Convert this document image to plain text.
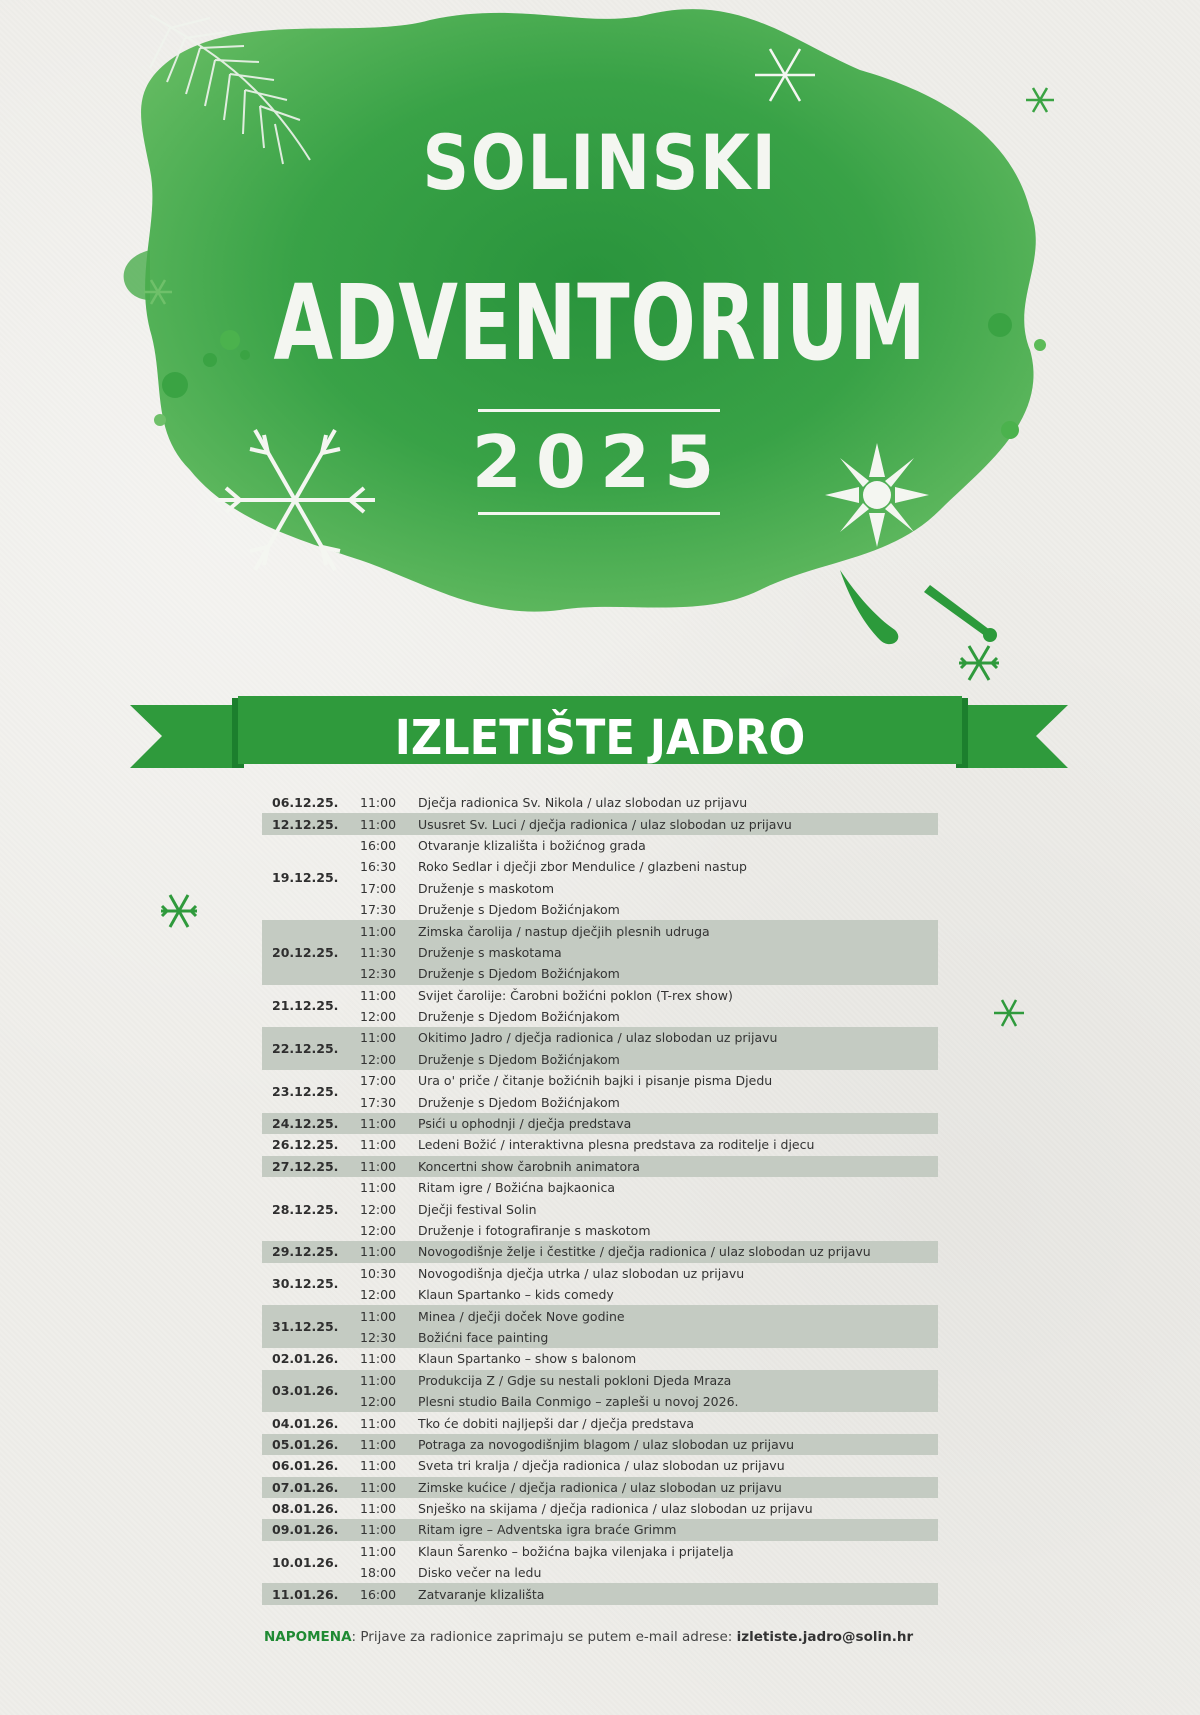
SOLINSKI
ADVENTORIUM
2025
IZLETIŠTE JADRO
06.12.25.	11:00	Dječja radionica Sv. Nikola / ulaz slobodan uz prijavu
12.12.25.	11:00	Ususret Sv. Luci / dječja radionica / ulaz slobodan uz prijavu
19.12.25.
16:00	Otvaranje klizališta i božićnog grada
16:30	Roko Sedlar i dječji zbor Mendulice / glazbeni nastup
17:00	Druženje s maskotom
17:30	Druženje s Djedom Božićnjakom
20.12.25.
11:00	Zimska čarolija / nastup dječjih plesnih udruga
11:30	Druženje s maskotama
12:30	Druženje s Djedom Božićnjakom
21.12.25.
11:00	Svijet čarolije: Čarobni božićni poklon (T-rex show)
12:00	Druženje s Djedom Božićnjakom
22.12.25.
11:00	Okitimo Jadro / dječja radionica / ulaz slobodan uz prijavu
12:00	Druženje s Djedom Božićnjakom
23.12.25.
17:00	Ura o' priče / čitanje božićnih bajki i pisanje pisma Djedu
17:30	Druženje s Djedom Božićnjakom
24.12.25.	11:00	Psići u ophodnji / dječja predstava
26.12.25.	11:00	Ledeni Božić / interaktivna plesna predstava za roditelje i djecu
27.12.25.	11:00	Koncertni show čarobnih animatora
28.12.25.
11:00	Ritam igre / Božićna bajkaonica
12:00	Dječji festival Solin
12:00	Druženje i fotografiranje s maskotom
29.12.25.	11:00	Novogodišnje želje i čestitke / dječja radionica / ulaz slobodan uz prijavu
30.12.25.
10:30	Novogodišnja dječja utrka / ulaz slobodan uz prijavu
12:00	Klaun Spartanko – kids comedy
31.12.25.
11:00	Minea / dječji doček Nove godine
12:30	Božićni face painting
02.01.26.	11:00	Klaun Spartanko – show s balonom
03.01.26.
11:00	Produkcija Z / Gdje su nestali pokloni Djeda Mraza
12:00	Plesni studio Baila Conmigo – zapleši u novoj 2026.
04.01.26.	11:00	Tko će dobiti najljepši dar / dječja predstava
05.01.26.	11:00	Potraga za novogodišnjim blagom / ulaz slobodan uz prijavu
06.01.26.	11:00	Sveta tri kralja / dječja radionica / ulaz slobodan uz prijavu
07.01.26.	11:00	Zimske kućice / dječja radionica / ulaz slobodan uz prijavu
08.01.26.	11:00	Snješko na skijama / dječja radionica / ulaz slobodan uz prijavu
09.01.26.	11:00	Ritam igre – Adventska igra braće Grimm
10.01.26.
11:00	Klaun Šarenko – božićna bajka vilenjaka i prijatelja
18:00	Disko večer na ledu
11.01.26.	16:00	Zatvaranje klizališta
NAPOMENA: Prijave za radionice zaprimaju se putem e-mail adrese: izletiste.jadro@solin.hr
